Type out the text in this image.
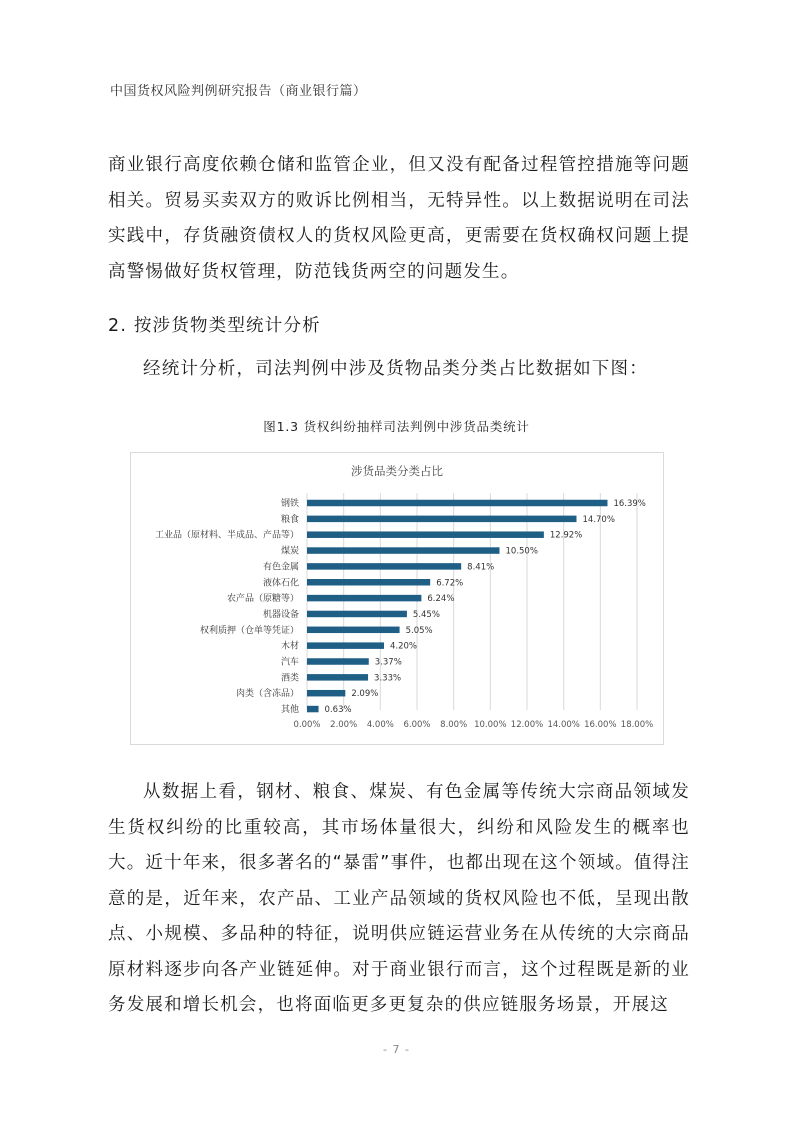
中国货权风险判例研究报告（商业银行篇）

商业银行高度依赖仓储和监管企业，但又没有配备过程管控措施等问题相关。贸易买卖双方的败诉比例相当，无特异性。以上数据说明在司法实践中，存货融资债权人的货权风险更高，更需要在货权确权问题上提高警惕做好货权管理，防范钱货两空的问题发生。

2. 按涉货物类型统计分析

经统计分析，司法判例中涉及货物品类分类占比数据如下图：

图1.3 货权纠纷抽样司法判例中涉货品类统计
涉货品类分类占比
0.00% 2.00% 4.00% 6.00% 8.00% 10.00% 12.00% 14.00% 16.00% 18.00%
钢铁	16.39%
粮食	14.70%
工业品（原材料、半成品、产品等）	12.92%
煤炭	10.50%
有色金属	8.41%
液体石化	6.72%
农产品（原糖等）	6.24%
机器设备	5.45%
权利质押（仓单等凭证）	5.05%
木材	4.20%
汽车	3.37%
酒类	3.33%
肉类（含冻品）	2.09%
其他	0.63%

从数据上看，钢材、粮食、煤炭、有色金属等传统大宗商品领域发生货权纠纷的比重较高，其市场体量很大，纠纷和风险发生的概率也大。近十年来，很多著名的“暴雷”事件，也都出现在这个领域。值得注意的是，近年来，农产品、工业产品领域的货权风险也不低，呈现出散点、小规模、多品种的特征，说明供应链运营业务在从传统的大宗商品原材料逐步向各产业链延伸。对于商业银行而言，这个过程既是新的业务发展和增长机会，也将面临更多更复杂的供应链服务场景，开展这

- 7 -
